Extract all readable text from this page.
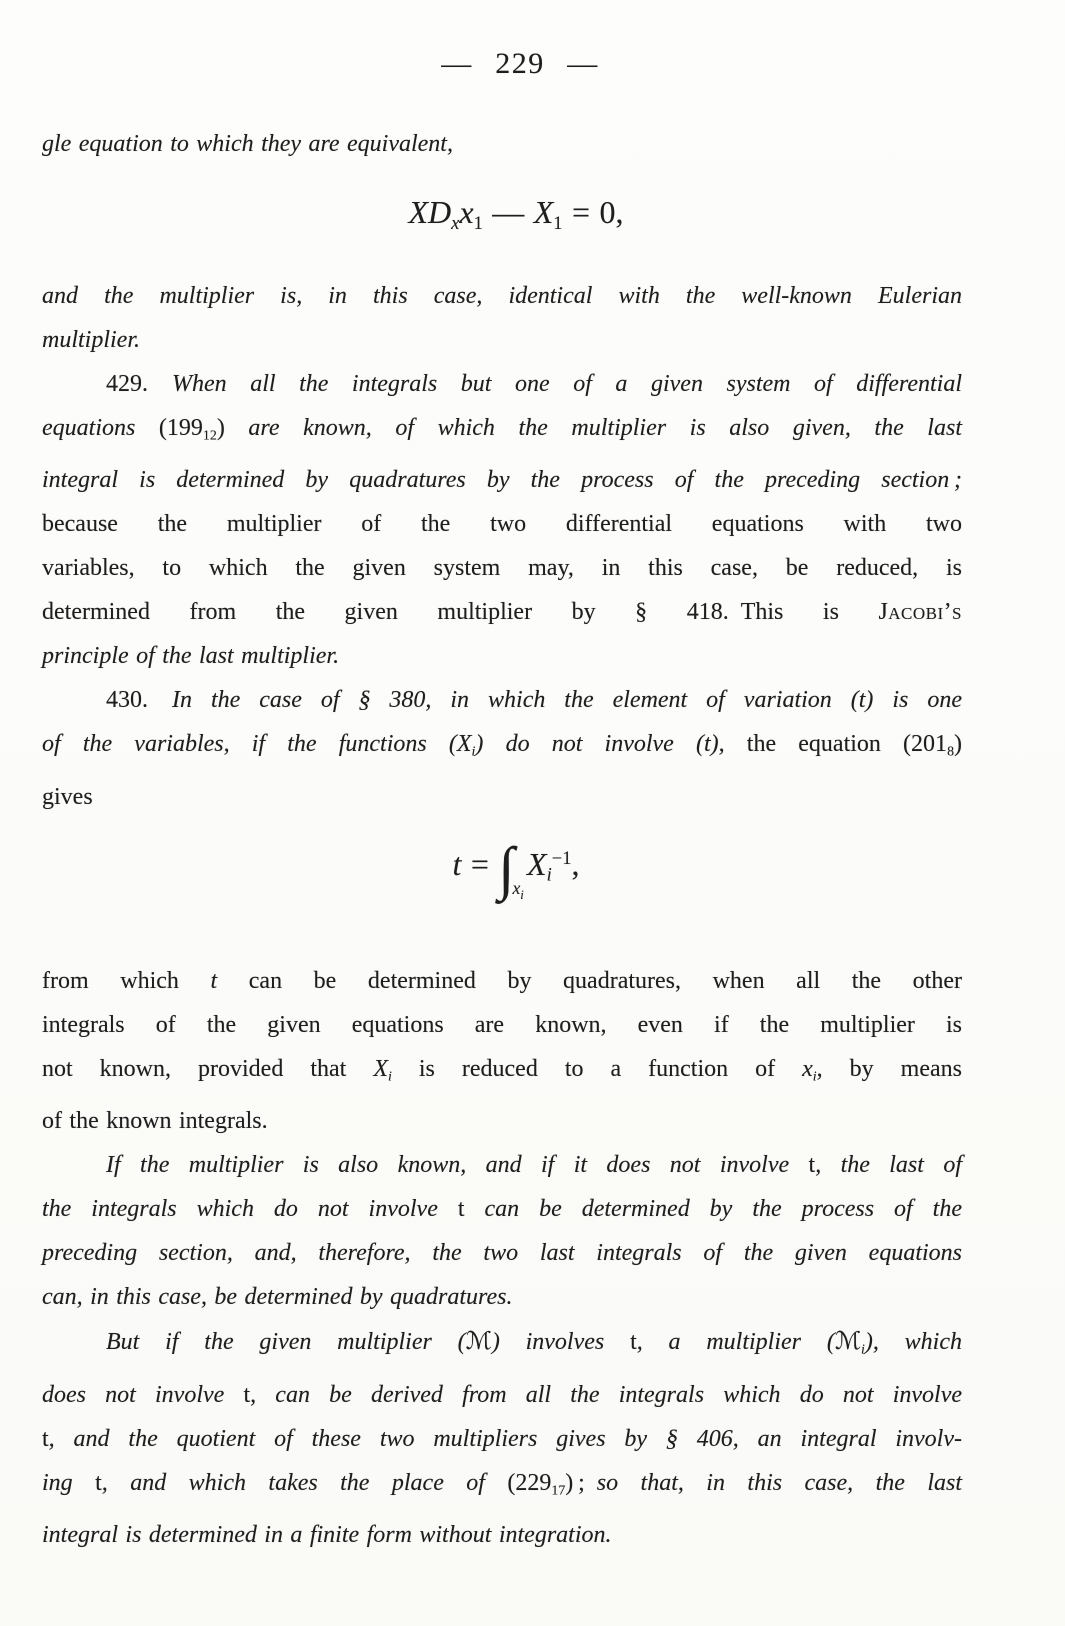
— 229 —
gle equation to which they are equivalent,
$XD_xx_1$ — $X_1 = 0$,
and the multiplier is, in this case, identical with the well-known Eulerian
multiplier.
429.  When all the integrals but one of a given system of differential
equations $(199_{12})$ are known, of which the multiplier is also given, the last
integral is determined by quadratures by the process of the preceding section ;
because the multiplier of the two differential equations with two
variables, to which the given system may, in this case, be reduced, is
determined from the given multiplier by § 418.  This is Jacobi’s
principle of the last multiplier.
430.  In the case of § 380, in which the element of variation (t) is one
of the variables, if the functions $(X_i)$ do not involve (t), the equation $(201_8)$
gives
$t = \int_{xi}X_i^{-1}$,
from which t can be determined by quadratures, when all the other
integrals of the given equations are known, even if the multiplier is
not known, provided that $X_i$ is reduced to a function of $x_i$, by means
of the known integrals.
If the multiplier is also known, and if it does not involve t, the last of
the integrals which do not involve t can be determined by the process of the
preceding section, and, therefore, the two last integrals of the given equations
can, in this case, be determined by quadratures.
But if the given multiplier (ℳ) involves t, a multiplier (ℳ$_i$), which
does not involve t, can be derived from all the integrals which do not involve
t, and the quotient of these two multipliers gives by § 406, an integral involv-
ing t, and which takes the place of $(229_{17})$ ; so that, in this case, the last
integral is determined in a finite form without integration.
